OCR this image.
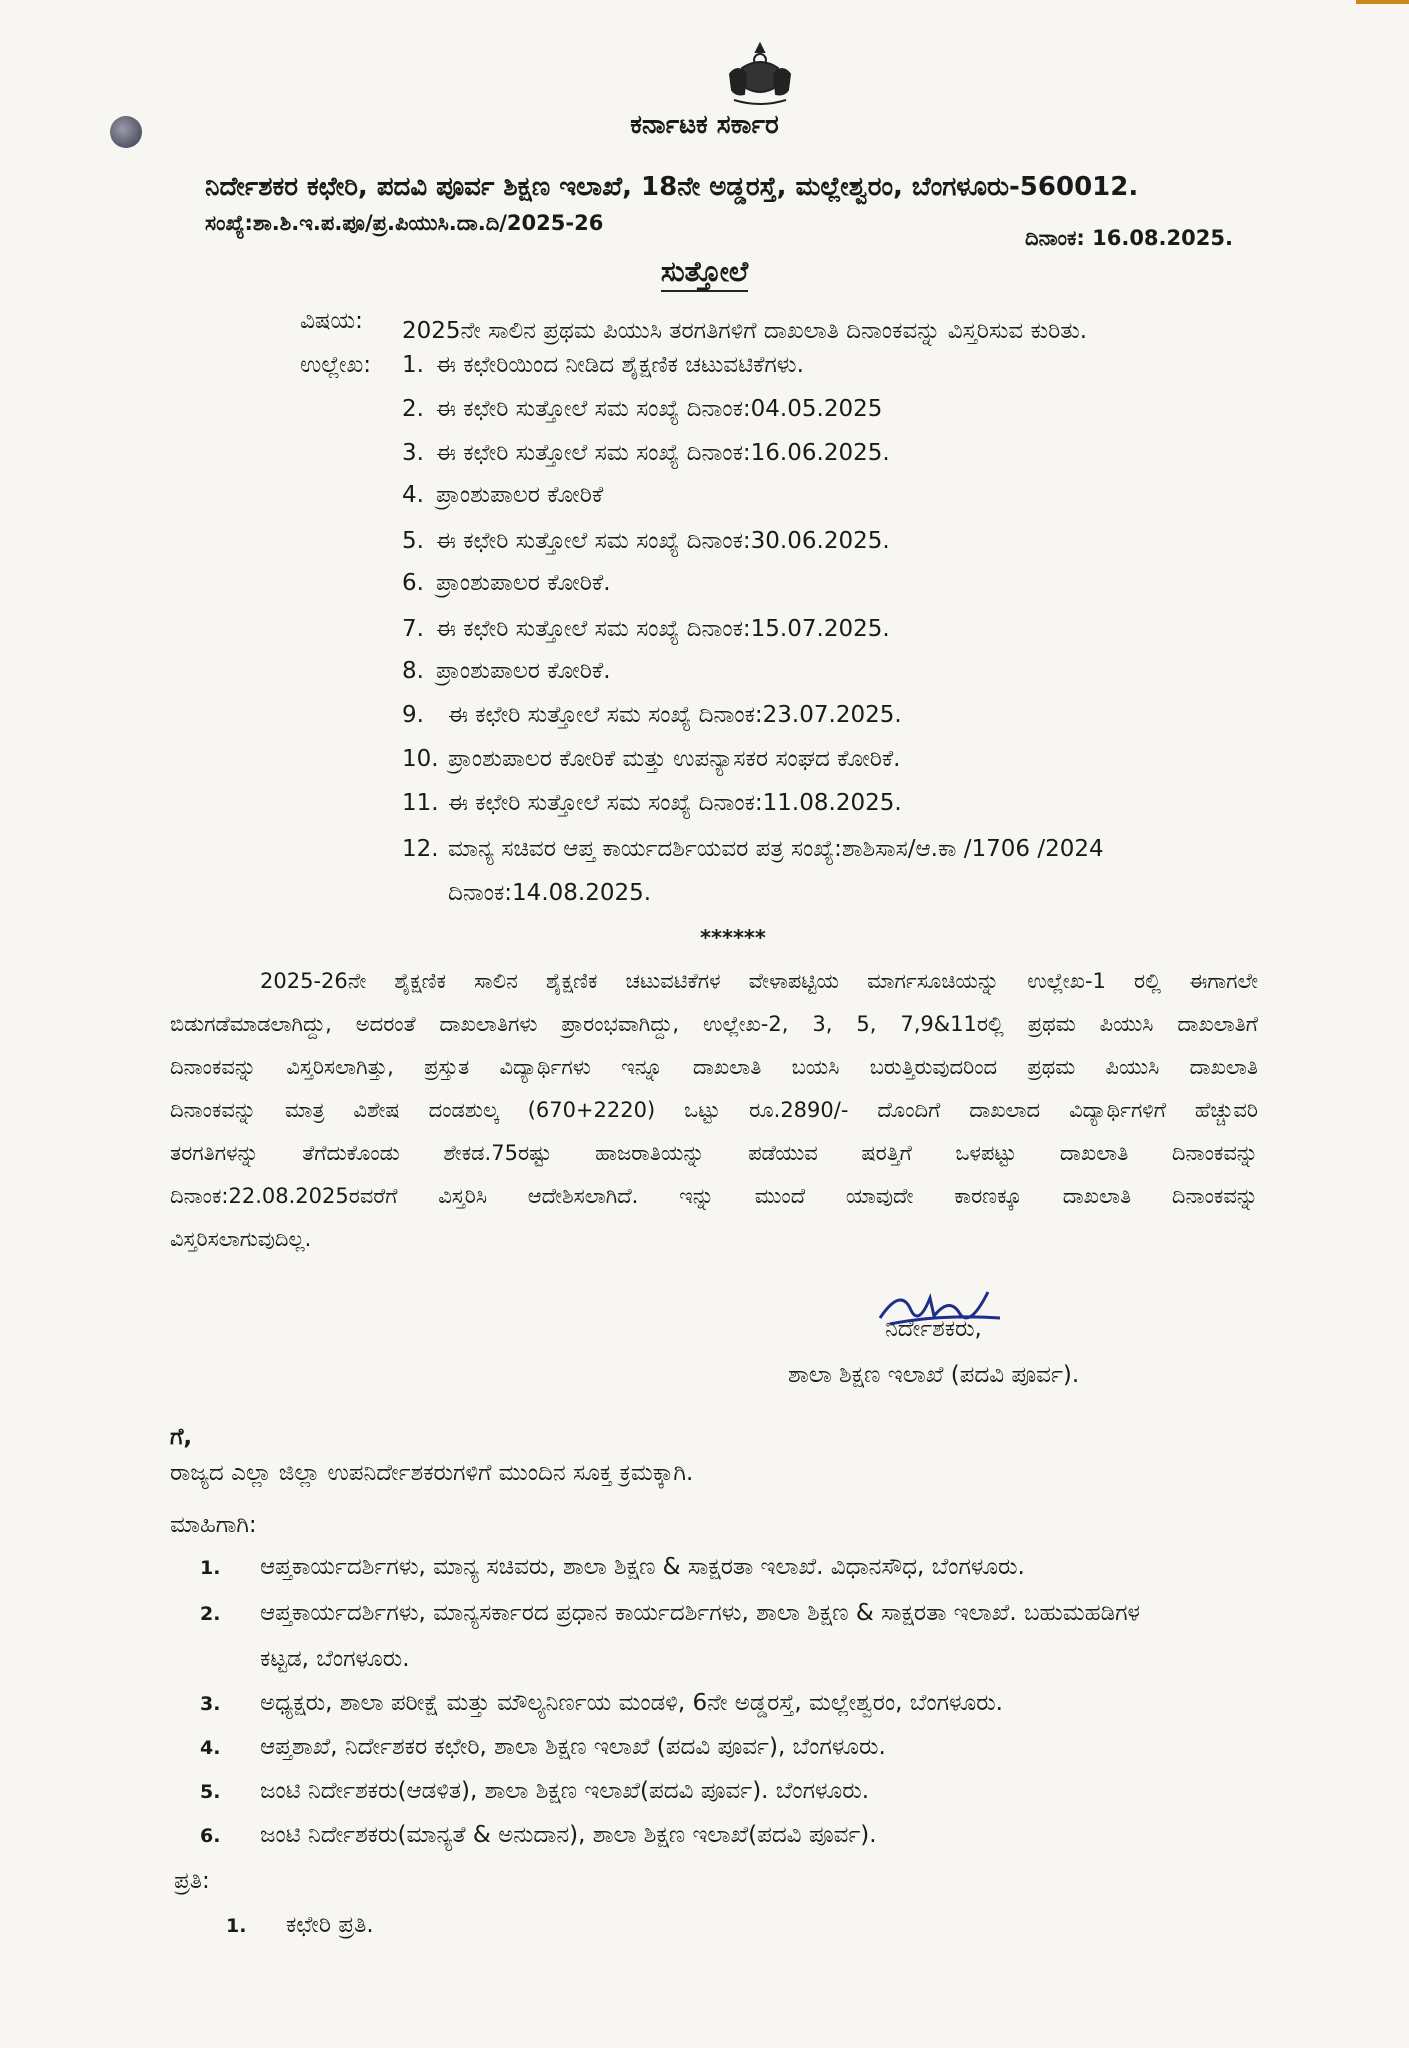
ಕರ್ನಾಟಕ ಸರ್ಕಾರ
ನಿರ್ದೇಶಕರ ಕಛೇರಿ, ಪದವಿ ಪೂರ್ವ ಶಿಕ್ಷಣ ಇಲಾಖೆ, 18ನೇ ಅಡ್ಡರಸ್ತೆ, ಮಲ್ಲೇಶ್ವರಂ, ಬೆಂಗಳೂರು-560012.
ಸಂಖ್ಯೆ:ಶಾ.ಶಿ.ಇ.ಪ.ಪೂ/ಪ್ರ.ಪಿಯುಸಿ.ದಾ.ದಿ/2025-26
ದಿನಾಂಕ: 16.08.2025.
ಸುತ್ತೋಲೆ
ವಿಷಯ: 2025ನೇ ಸಾಲಿನ ಪ್ರಥಮ ಪಿಯುಸಿ ತರಗತಿಗಳಿಗೆ ದಾಖಲಾತಿ ದಿನಾಂಕವನ್ನು ವಿಸ್ತರಿಸುವ ಕುರಿತು.
ಉಲ್ಲೇಖ: 1. ಈ ಕಛೇರಿಯಿಂದ ನೀಡಿದ ಶೈಕ್ಷಣಿಕ ಚಟುವಟಿಕೆಗಳು.
2. ಈ ಕಛೇರಿ ಸುತ್ತೋಲೆ ಸಮ ಸಂಖ್ಯೆ ದಿನಾಂಕ:04.05.2025
3. ಈ ಕಛೇರಿ ಸುತ್ತೋಲೆ ಸಮ ಸಂಖ್ಯೆ ದಿನಾಂಕ:16.06.2025.
4. ಪ್ರಾಂಶುಪಾಲರ ಕೋರಿಕೆ
5. ಈ ಕಛೇರಿ ಸುತ್ತೋಲೆ ಸಮ ಸಂಖ್ಯೆ ದಿನಾಂಕ:30.06.2025.
6. ಪ್ರಾಂಶುಪಾಲರ ಕೋರಿಕೆ.
7. ಈ ಕಛೇರಿ ಸುತ್ತೋಲೆ ಸಮ ಸಂಖ್ಯೆ ದಿನಾಂಕ:15.07.2025.
8. ಪ್ರಾಂಶುಪಾಲರ ಕೋರಿಕೆ.
9. ಈ ಕಛೇರಿ ಸುತ್ತೋಲೆ ಸಮ ಸಂಖ್ಯೆ ದಿನಾಂಕ:23.07.2025.
10. ಪ್ರಾಂಶುಪಾಲರ ಕೋರಿಕೆ ಮತ್ತು ಉಪನ್ಯಾಸಕರ ಸಂಘದ ಕೋರಿಕೆ.
11. ಈ ಕಛೇರಿ ಸುತ್ತೋಲೆ ಸಮ ಸಂಖ್ಯೆ ದಿನಾಂಕ:11.08.2025.
12. ಮಾನ್ಯ ಸಚಿವರ ಆಪ್ತ ಕಾರ್ಯದರ್ಶಿಯವರ ಪತ್ರ ಸಂಖ್ಯೆ:ಶಾಶಿಸಾಸ/ಆ.ಕಾ /1706 /2024
ದಿನಾಂಕ:14.08.2025.
******
2025-26ನೇ ಶೈಕ್ಷಣಿಕ ಸಾಲಿನ ಶೈಕ್ಷಣಿಕ ಚಟುವಟಿಕೆಗಳ ವೇಳಾಪಟ್ಟಿಯ ಮಾರ್ಗಸೂಚಿಯನ್ನು ಉಲ್ಲೇಖ-1 ರಲ್ಲಿ ಈಗಾಗಲೇ
ಬಿಡುಗಡೆಮಾಡಲಾಗಿದ್ದು, ಅದರಂತೆ ದಾಖಲಾತಿಗಳು ಪ್ರಾರಂಭವಾಗಿದ್ದು, ಉಲ್ಲೇಖ-2, 3, 5, 7,9&11ರಲ್ಲಿ ಪ್ರಥಮ ಪಿಯುಸಿ ದಾಖಲಾತಿಗೆ
ದಿನಾಂಕವನ್ನು ವಿಸ್ತರಿಸಲಾಗಿತ್ತು, ಪ್ರಸ್ತುತ ವಿದ್ಯಾರ್ಥಿಗಳು ಇನ್ನೂ ದಾಖಲಾತಿ ಬಯಸಿ ಬರುತ್ತಿರುವುದರಿಂದ ಪ್ರಥಮ ಪಿಯುಸಿ ದಾಖಲಾತಿ
ದಿನಾಂಕವನ್ನು ಮಾತ್ರ ವಿಶೇಷ ದಂಡಶುಲ್ಕ (670+2220) ಒಟ್ಟು ರೂ.2890/- ದೊಂದಿಗೆ ದಾಖಲಾದ ವಿದ್ಯಾರ್ಥಿಗಳಿಗೆ ಹೆಚ್ಚುವರಿ
ತರಗತಿಗಳನ್ನು ತೆಗೆದುಕೊಂಡು ಶೇಕಡ.75ರಷ್ಟು ಹಾಜರಾತಿಯನ್ನು ಪಡೆಯುವ ಷರತ್ತಿಗೆ ಒಳಪಟ್ಟು ದಾಖಲಾತಿ ದಿನಾಂಕವನ್ನು
ದಿನಾಂಕ:22.08.2025ರವರೆಗೆ ವಿಸ್ತರಿಸಿ ಆದೇಶಿಸಲಾಗಿದೆ. ಇನ್ನು ಮುಂದೆ ಯಾವುದೇ ಕಾರಣಕ್ಕೂ ದಾಖಲಾತಿ ದಿನಾಂಕವನ್ನು
ವಿಸ್ತರಿಸಲಾಗುವುದಿಲ್ಲ.
ನಿರ್ದೇಶಕರು,
ಶಾಲಾ ಶಿಕ್ಷಣ ಇಲಾಖೆ (ಪದವಿ ಪೂರ್ವ).
ಗೆ,
ರಾಜ್ಯದ ಎಲ್ಲಾ ಜಿಲ್ಲಾ ಉಪನಿರ್ದೇಶಕರುಗಳಿಗೆ ಮುಂದಿನ ಸೂಕ್ತ ಕ್ರಮಕ್ಕಾಗಿ.
ಮಾಹಿಗಾಗಿ:
1. ಆಪ್ತಕಾರ್ಯದರ್ಶಿಗಳು, ಮಾನ್ಯ ಸಚಿವರು, ಶಾಲಾ ಶಿಕ್ಷಣ & ಸಾಕ್ಷರತಾ ಇಲಾಖೆ. ವಿಧಾನಸೌಧ, ಬೆಂಗಳೂರು.
2. ಆಪ್ತಕಾರ್ಯದರ್ಶಿಗಳು, ಮಾನ್ಯಸರ್ಕಾರದ ಪ್ರಧಾನ ಕಾರ್ಯದರ್ಶಿಗಳು, ಶಾಲಾ ಶಿಕ್ಷಣ & ಸಾಕ್ಷರತಾ ಇಲಾಖೆ. ಬಹುಮಹಡಿಗಳ
ಕಟ್ಟಡ, ಬೆಂಗಳೂರು.
3. ಅಧ್ಯಕ್ಷರು, ಶಾಲಾ ಪರೀಕ್ಷೆ ಮತ್ತು ಮೌಲ್ಯನಿರ್ಣಯ ಮಂಡಳಿ, 6ನೇ ಅಡ್ಡರಸ್ತೆ, ಮಲ್ಲೇಶ್ವರಂ, ಬೆಂಗಳೂರು.
4. ಆಪ್ತಶಾಖೆ, ನಿರ್ದೇಶಕರ ಕಛೇರಿ, ಶಾಲಾ ಶಿಕ್ಷಣ ಇಲಾಖೆ (ಪದವಿ ಪೂರ್ವ), ಬೆಂಗಳೂರು.
5. ಜಂಟಿ ನಿರ್ದೇಶಕರು(ಆಡಳಿತ), ಶಾಲಾ ಶಿಕ್ಷಣ ಇಲಾಖೆ(ಪದವಿ ಪೂರ್ವ). ಬೆಂಗಳೂರು.
6. ಜಂಟಿ ನಿರ್ದೇಶಕರು(ಮಾನ್ಯತೆ & ಅನುದಾನ), ಶಾಲಾ ಶಿಕ್ಷಣ ಇಲಾಖೆ(ಪದವಿ ಪೂರ್ವ).
ಪ್ರತಿ:
1. ಕಛೇರಿ ಪ್ರತಿ.
